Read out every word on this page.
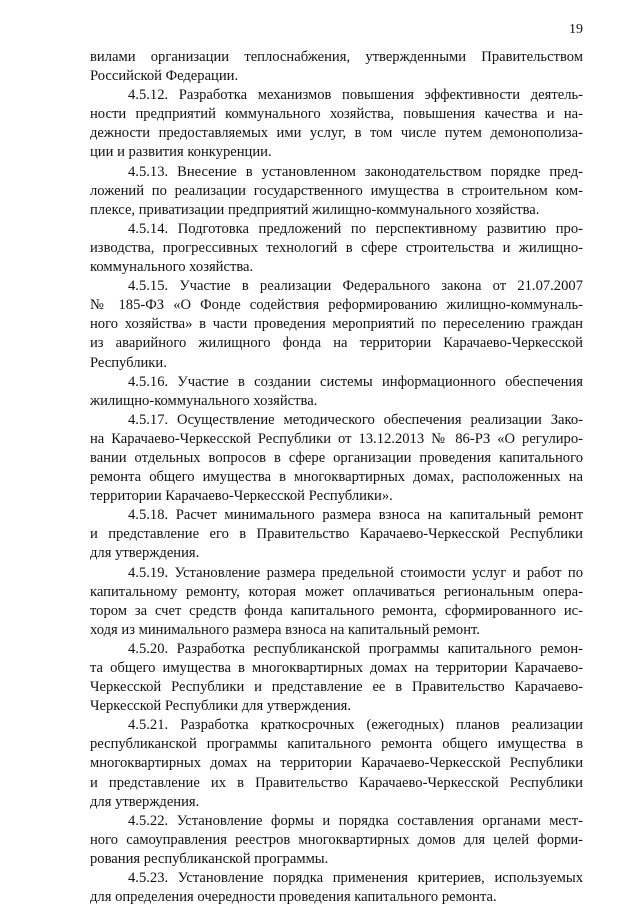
19
вилами организации теплоснабжения, утвержденными Правительством
Российской Федерации.
4.5.12. Разработка механизмов повышения эффективности деятель-
ности предприятий коммунального хозяйства, повышения качества и на-
дежности предоставляемых ими услуг, в том числе путем демонополиза-
ции и развития конкуренции.
4.5.13. Внесение в установленном законодательством порядке пред-
ложений по реализации государственного имущества в строительном ком-
плексе, приватизации предприятий жилищно-коммунального хозяйства.
4.5.14. Подготовка предложений по перспективному развитию про-
изводства, прогрессивных технологий в сфере строительства и жилищно-
коммунального хозяйства.
4.5.15. Участие в реализации Федерального закона от 21.07.2007
№ 185-ФЗ «О Фонде содействия реформированию жилищно-коммуналь-
ного хозяйства» в части проведения мероприятий по переселению граждан
из аварийного жилищного фонда на территории Карачаево-Черкесской
Республики.
4.5.16. Участие в создании системы информационного обеспечения
жилищно-коммунального хозяйства.
4.5.17. Осуществление методического обеспечения реализации Зако-
на Карачаево-Черкесской Республики от 13.12.2013 № 86-РЗ «О регулиро-
вании отдельных вопросов в сфере организации проведения капитального
ремонта общего имущества в многоквартирных домах, расположенных на
территории Карачаево-Черкесской Республики».
4.5.18. Расчет минимального размера взноса на капитальный ремонт
и представление его в Правительство Карачаево-Черкесской Республики
для утверждения.
4.5.19. Установление размера предельной стоимости услуг и работ по
капитальному ремонту, которая может оплачиваться региональным опера-
тором за счет средств фонда капитального ремонта, сформированного ис-
ходя из минимального размера взноса на капитальный ремонт.
4.5.20. Разработка республиканской программы капитального ремон-
та общего имущества в многоквартирных домах на территории Карачаево-
Черкесской Республики и представление ее в Правительство Карачаево-
Черкесской Республики для утверждения.
4.5.21. Разработка краткосрочных (ежегодных) планов реализации
республиканской программы капитального ремонта общего имущества в
многоквартирных домах на территории Карачаево-Черкесской Республики
и представление их в Правительство Карачаево-Черкесской Республики
для утверждения.
4.5.22. Установление формы и порядка составления органами мест-
ного самоуправления реестров многоквартирных домов для целей форми-
рования республиканской программы.
4.5.23. Установление порядка применения критериев, используемых
для определения очередности проведения капитального ремонта.
